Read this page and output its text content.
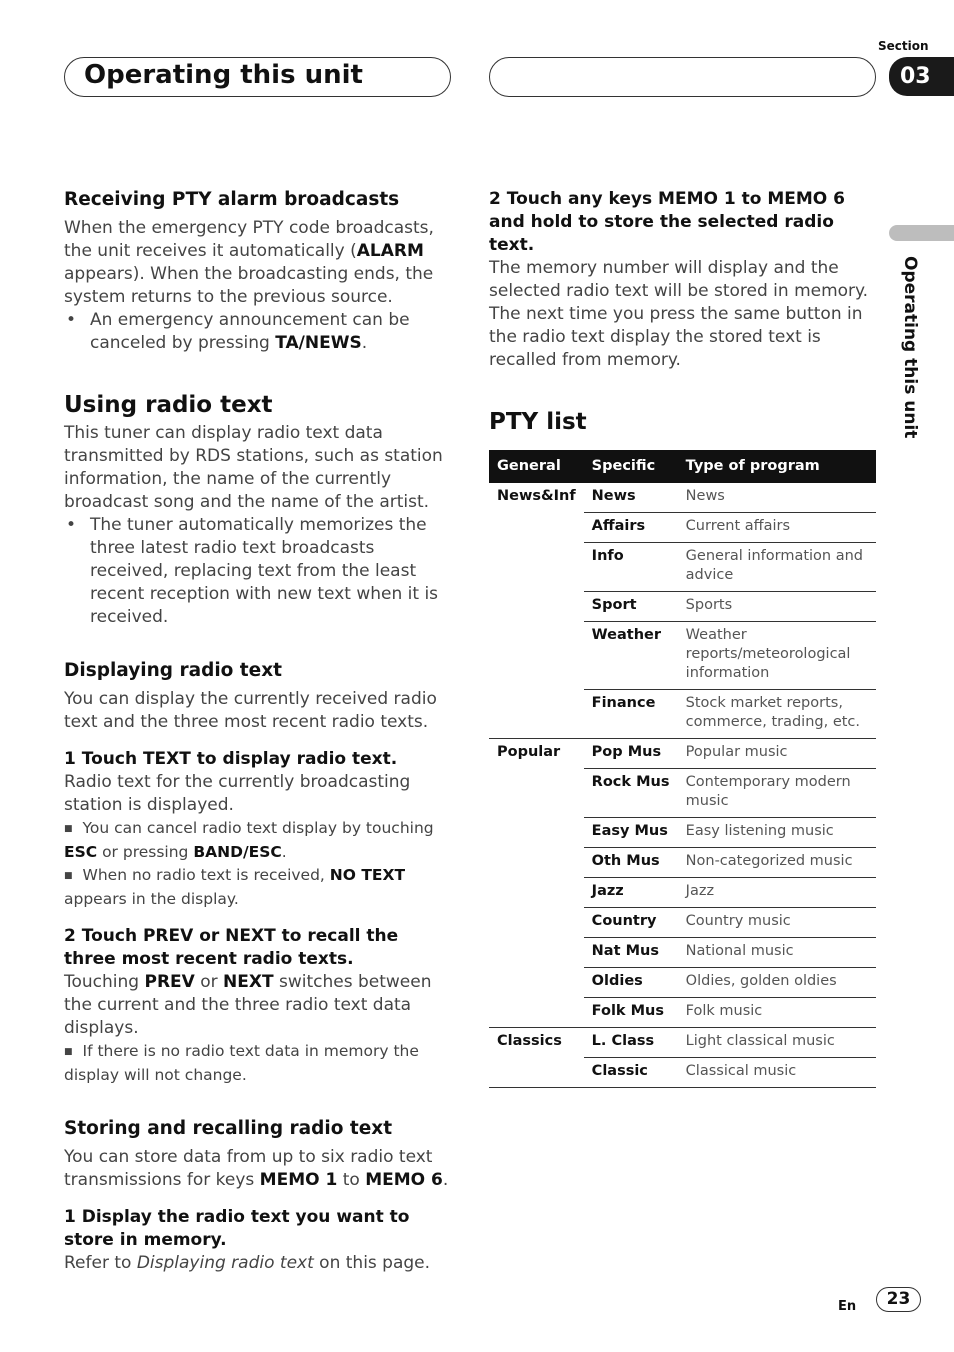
Operating this unit
Section
03
Operating this unit
Receiving PTY alarm broadcasts

When the emergency PTY code broadcasts, the unit receives it automatically (ALARM appears). When the broadcasting ends, the system returns to the previous source.

• An emergency announcement can be canceled by pressing TA/NEWS.

Using radio text

This tuner can display radio text data transmitted by RDS stations, such as station information, the name of the currently broadcast song and the name of the artist.

• The tuner automatically memorizes the three latest radio text broadcasts received, replacing text from the least recent reception with new text when it is received.

Displaying radio text

You can display the currently received radio text and the three most recent radio texts.

1 Touch TEXT to display radio text.

Radio text for the currently broadcasting station is displayed.

■ You can cancel radio text display by touching ESC or pressing BAND/ESC.

■ When no radio text is received, NO TEXT appears in the display.

2 Touch PREV or NEXT to recall the three most recent radio texts.

Touching PREV or NEXT switches between the current and the three radio text data displays.

■ If there is no radio text data in memory the display will not change.

Storing and recalling radio text

You can store data from up to six radio text transmissions for keys MEMO 1 to MEMO 6.

1 Display the radio text you want to store in memory.

Refer to Displaying radio text on this page.

2 Touch any keys MEMO 1 to MEMO 6 and hold to store the selected radio text.

The memory number will display and the selected radio text will be stored in memory.

The next time you press the same button in the radio text display the stored text is recalled from memory.

PTY list
General	Specific	Type of program
News&Inf	News	News
	Affairs	Current affairs
	Info	General information and advice
	Sport	Sports
	Weather	Weather reports/meteorological information
	Finance	Stock market reports, commerce, trading, etc.
Popular	Pop Mus	Popular music
	Rock Mus	Contemporary modern music
	Easy Mus	Easy listening music
	Oth Mus	Non-categorized music
	Jazz	Jazz
	Country	Country music
	Nat Mus	National music
	Oldies	Oldies, golden oldies
	Folk Mus	Folk music
Classics	L. Class	Light classical music
	Classic	Classical music
En	23
